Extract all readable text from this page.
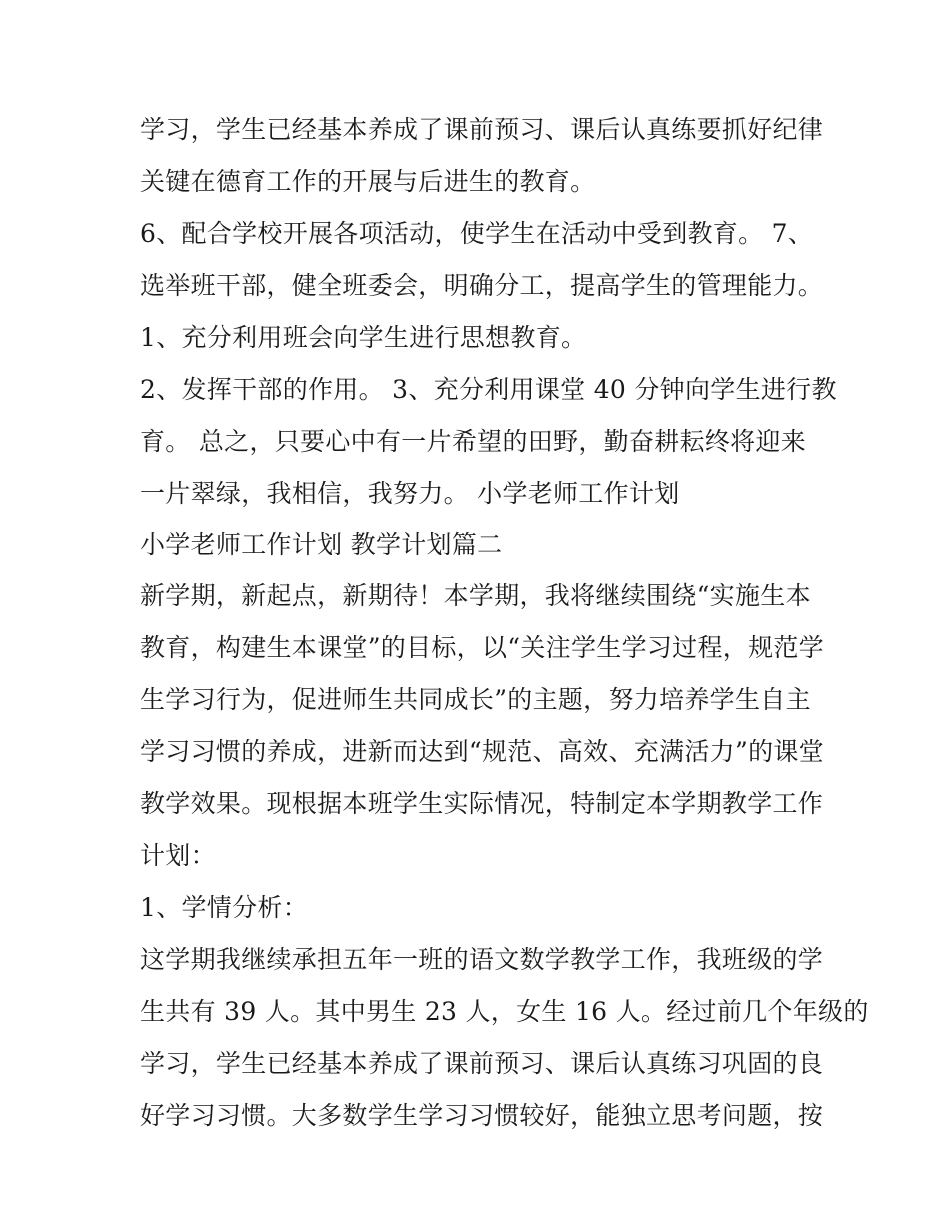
学习，学生已经基本养成了课前预习、课后认真练要抓好纪律
关键在德育工作的开展与后进生的教育。
6、配合学校开展各项活动，使学生在活动中受到教育。 7、
选举班干部，健全班委会，明确分工，提高学生的管理能力。
1、充分利用班会向学生进行思想教育。
2、发挥干部的作用。 3、充分利用课堂 40 分钟向学生进行教
育。 总之，只要心中有一片希望的田野，勤奋耕耘终将迎来
一片翠绿，我相信，我努力。 小学老师工作计划
小学老师工作计划 教学计划篇二
新学期，新起点，新期待！本学期，我将继续围绕“实施生本
教育，构建生本课堂”的目标，以“关注学生学习过程，规范学
生学习行为，促进师生共同成长”的主题，努力培养学生自主
学习习惯的养成，进新而达到“规范、高效、充满活力”的课堂
教学效果。现根据本班学生实际情况，特制定本学期教学工作
计划：
1、学情分析：
这学期我继续承担五年一班的语文数学教学工作，我班级的学
生共有 39 人。其中男生 23 人，女生 16 人。经过前几个年级的
学习，学生已经基本养成了课前预习、课后认真练习巩固的良
好学习习惯。大多数学生学习习惯较好，能独立思考问题，按
